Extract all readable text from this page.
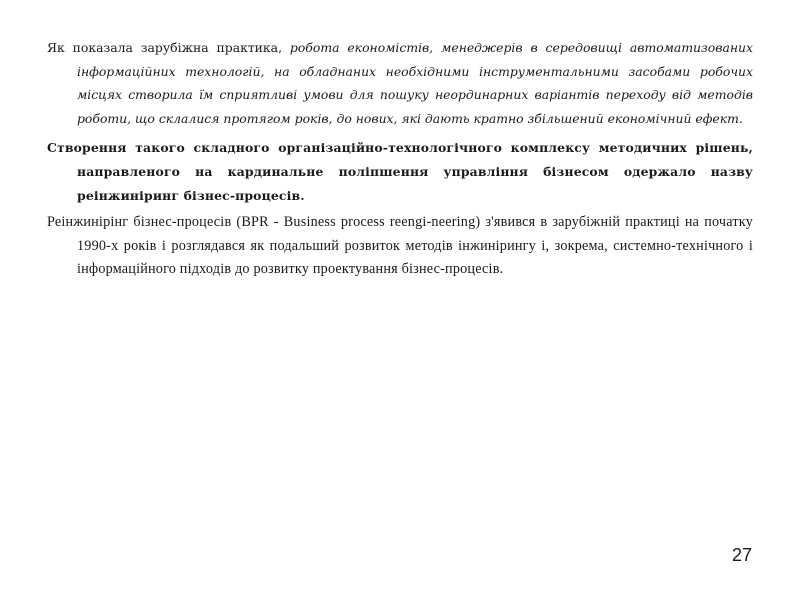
Як показала зарубіжна практика, робота економістів, менеджерів в середовищі автоматизованих інформаційних технологій, на обладнаних необхідними інструментальними засобами робочих місцях створила їм сприятливі умови для пошуку неординарних варіантів переходу від методів роботи, що склалися протягом років, до нових, які дають кратно збільшений економічний ефект.

Створення такого складного організаційно-технологічного комплексу методичних рішень, направленого на кардинальне поліпшення управління бізнесом одержало назву реінжиніринг бізнес-процесів.

Реінжинірінг бізнес-процесів (BPR - Business process reengi-neering) з'явився в зарубіжній практиці на початку 1990-х років і розглядався як подальший розвиток методів інжинірингу і, зокрема, системно-технічного і інформаційного підходів до розвитку проектування бізнес-процесів.

27
